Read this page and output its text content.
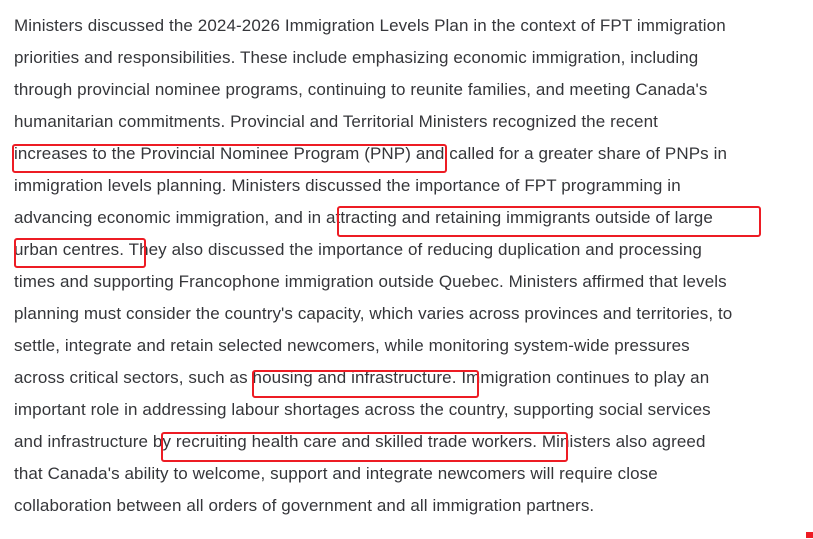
Ministers discussed the 2024-2026 Immigration Levels Plan in the context of FPT immigration
priorities and responsibilities. These include emphasizing economic immigration, including
through provincial nominee programs, continuing to reunite families, and meeting Canada's
humanitarian commitments. Provincial and Territorial Ministers recognized the recent
increases to the Provincial Nominee Program (PNP) and called for a greater share of PNPs in
immigration levels planning. Ministers discussed the importance of FPT programming in
advancing economic immigration, and in attracting and retaining immigrants outside of large
urban centres. They also discussed the importance of reducing duplication and processing
times and supporting Francophone immigration outside Quebec. Ministers affirmed that levels
planning must consider the country's capacity, which varies across provinces and territories, to
settle, integrate and retain selected newcomers, while monitoring system-wide pressures
across critical sectors, such as housing and infrastructure. Immigration continues to play an
important role in addressing labour shortages across the country, supporting social services
and infrastructure by recruiting health care and skilled trade workers. Ministers also agreed
that Canada's ability to welcome, support and integrate newcomers will require close
collaboration between all orders of government and all immigration partners.
